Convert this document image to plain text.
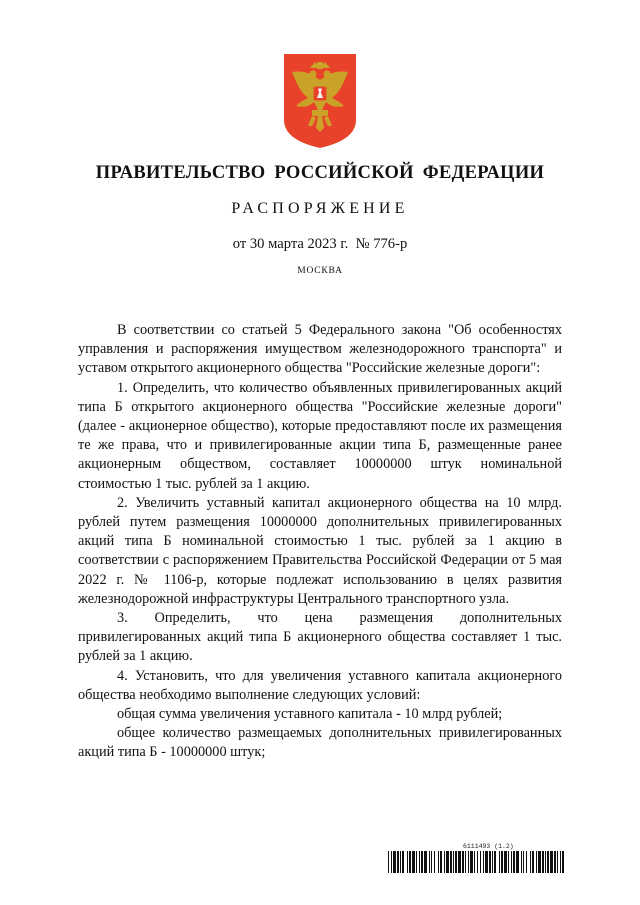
ПРАВИТЕЛЬСТВО РОССИЙСКОЙ ФЕДЕРАЦИИ
РАСПОРЯЖЕНИЕ
от 30 марта 2023 г.  № 776-р
МОСКВА

В соответствии со статьей 5 Федерального закона "Об особенностях управления и распоряжения имуществом железнодорожного транспорта" и уставом открытого акционерного общества "Российские железные дороги":

1. Определить, что количество объявленных привилегированных акций типа Б открытого акционерного общества "Российские железные дороги" (далее - акционерное общество), которые предоставляют после их размещения те же права, что и привилегированные акции типа Б, размещенные ранее акционерным обществом, составляет 10000000 штук номинальной стоимостью 1 тыс. рублей за 1 акцию.

2. Увеличить уставный капитал акционерного общества на 10 млрд. рублей путем размещения 10000000 дополнительных привилегированных акций типа Б номинальной стоимостью 1 тыс. рублей за 1 акцию в соответствии с распоряжением Правительства Российской Федерации от 5 мая 2022 г. № 1106-р, которые подлежат использованию в целях развития железнодорожной инфраструктуры Центрального транспортного узла.

3. Определить, что цена размещения дополнительных привилегированных акций типа Б акционерного общества составляет 1 тыс. рублей за 1 акцию.

4. Установить, что для увеличения уставного капитала акционерного общества необходимо выполнение следующих условий:

общая сумма увеличения уставного капитала - 10 млрд рублей;

общее количество размещаемых дополнительных привилегированных акций типа Б - 10000000 штук;

6111493 (1.2)
